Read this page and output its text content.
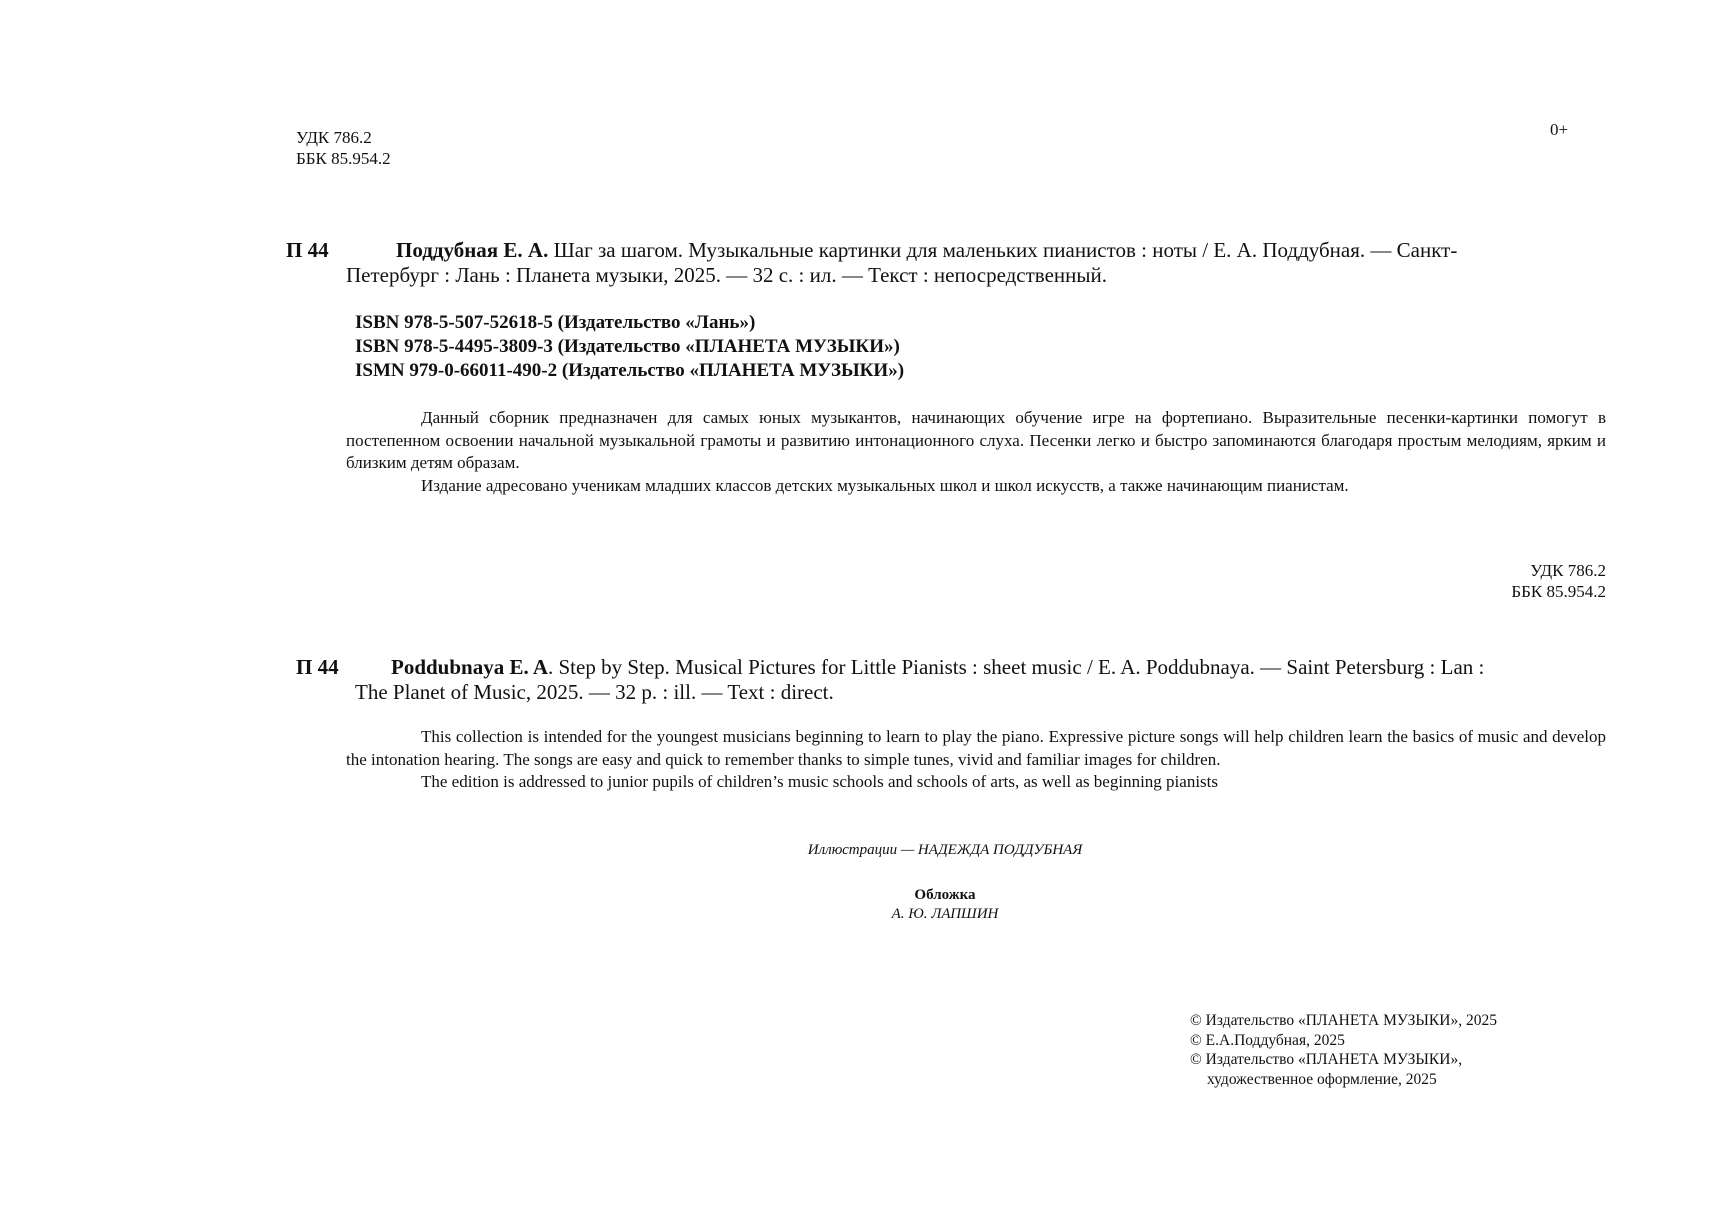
УДК 786.2
ББК 85.954.2
0+
П 44	Поддубная Е. А. Шаг за шагом. Музыкальные картинки для маленьких пианистов : ноты / Е. А. Поддубная. — Санкт-
Петербург : Лань : Планета музыки, 2025. — 32 с. : ил. — Текст : непосредственный.
ISBN 978-5-507-52618-5 (Издательство «Лань»)
ISBN 978-5-4495-3809-3 (Издательство «ПЛАНЕТА МУЗЫКИ»)
ISMN 979-0-66011-490-2 (Издательство «ПЛАНЕТА МУЗЫКИ»)

Данный сборник предназначен для самых юных музыкантов, начинающих обучение игре на фортепиано. Выразительные песенки-картинки помогут в постепенном освоении начальной музыкальной грамоты и развитию интонационного слуха. Песенки легко и быстро запоминаются благодаря простым мелодиям, ярким и близким детям образам.

Издание адресовано ученикам младших классов детских музыкальных школ и школ искусств, а также начинающим пианистам.

УДК 786.2
ББК 85.954.2
П 44 Poddubnaya E. A. Step by Step. Musical Pictures for Little Pianists : sheet music / E. A. Poddubnaya. — Saint Petersburg : Lan :
The Planet of Music, 2025. — 32 p. : ill. — Text : direct.

This collection is intended for the youngest musicians beginning to learn to play the piano. Expressive picture songs will help children learn the basics of music and develop the intonation hearing. The songs are easy and quick to remember thanks to simple tunes, vivid and familiar images for children.

The edition is addressed to junior pupils of children’s music schools and schools of arts, as well as beginning pianists

Иллюстрации — НАДЕЖДА ПОДДУБНАЯ
Обложка
А. Ю. ЛАПШИН
© Издательство «ПЛАНЕТА МУЗЫКИ», 2025
© Е.А.Поддубная, 2025
© Издательство «ПЛАНЕТА МУЗЫКИ»,
художественное оформление, 2025
